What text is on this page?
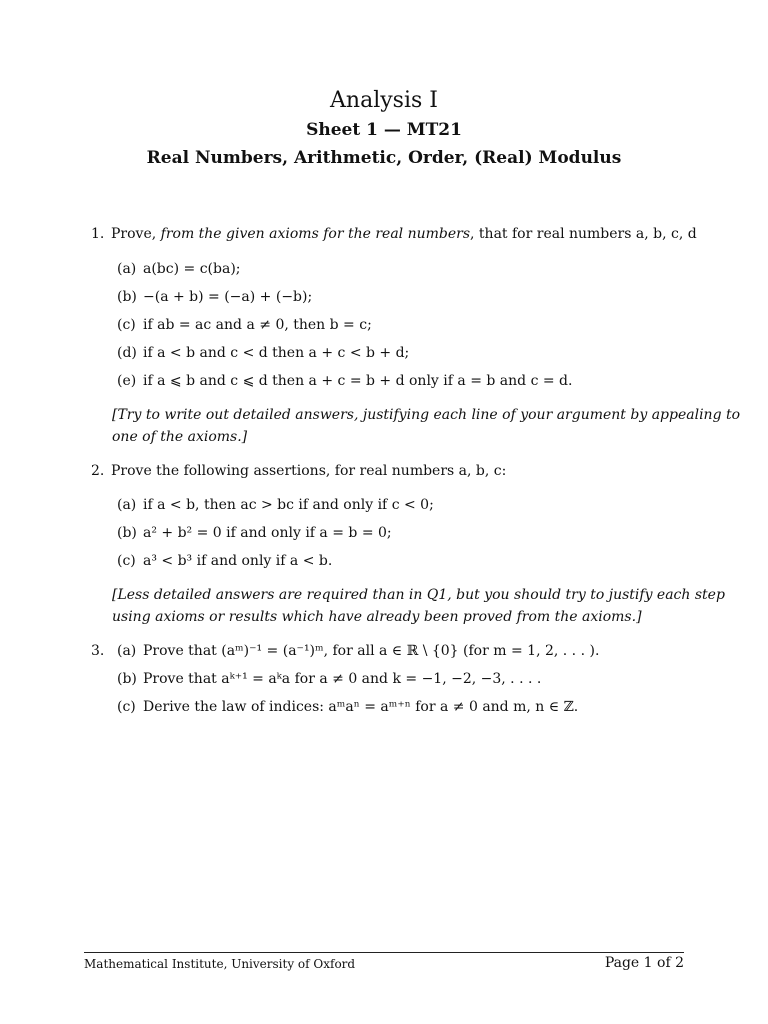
Analysis I
Sheet 1 — MT21
Real Numbers, Arithmetic, Order, (Real) Modulus
1. Prove, from the given axioms for the real numbers, that for real numbers a, b, c, d
(a) a(bc) = c(ba);
(b) −(a + b) = (−a) + (−b);
(c) if ab = ac and a ≠ 0, then b = c;
(d) if a < b and c < d then a + c < b + d;
(e) if a ⩽ b and c ⩽ d then a + c = b + d only if a = b and c = d.
[Try to write out detailed answers, justifying each line of your argument by appealing to
one of the axioms.]
2. Prove the following assertions, for real numbers a, b, c:
(a) if a < b, then ac > bc if and only if c < 0;
(b) a² + b² = 0 if and only if a = b = 0;
(c) a³ < b³ if and only if a < b.
[Less detailed answers are required than in Q1, but you should try to justify each step
using axioms or results which have already been proved from the axioms.]
3. (a) Prove that (aᵐ)⁻¹ = (a⁻¹)ᵐ, for all a ∈ ℝ \ {0} (for m = 1, 2, . . . ).
(b) Prove that aᵏ⁺¹ = aᵏa for a ≠ 0 and k = −1, −2, −3, . . . .
(c) Derive the law of indices: aᵐaⁿ = aᵐ⁺ⁿ for a ≠ 0 and m, n ∈ ℤ.
Mathematical Institute, University of Oxford	Page 1 of 2
